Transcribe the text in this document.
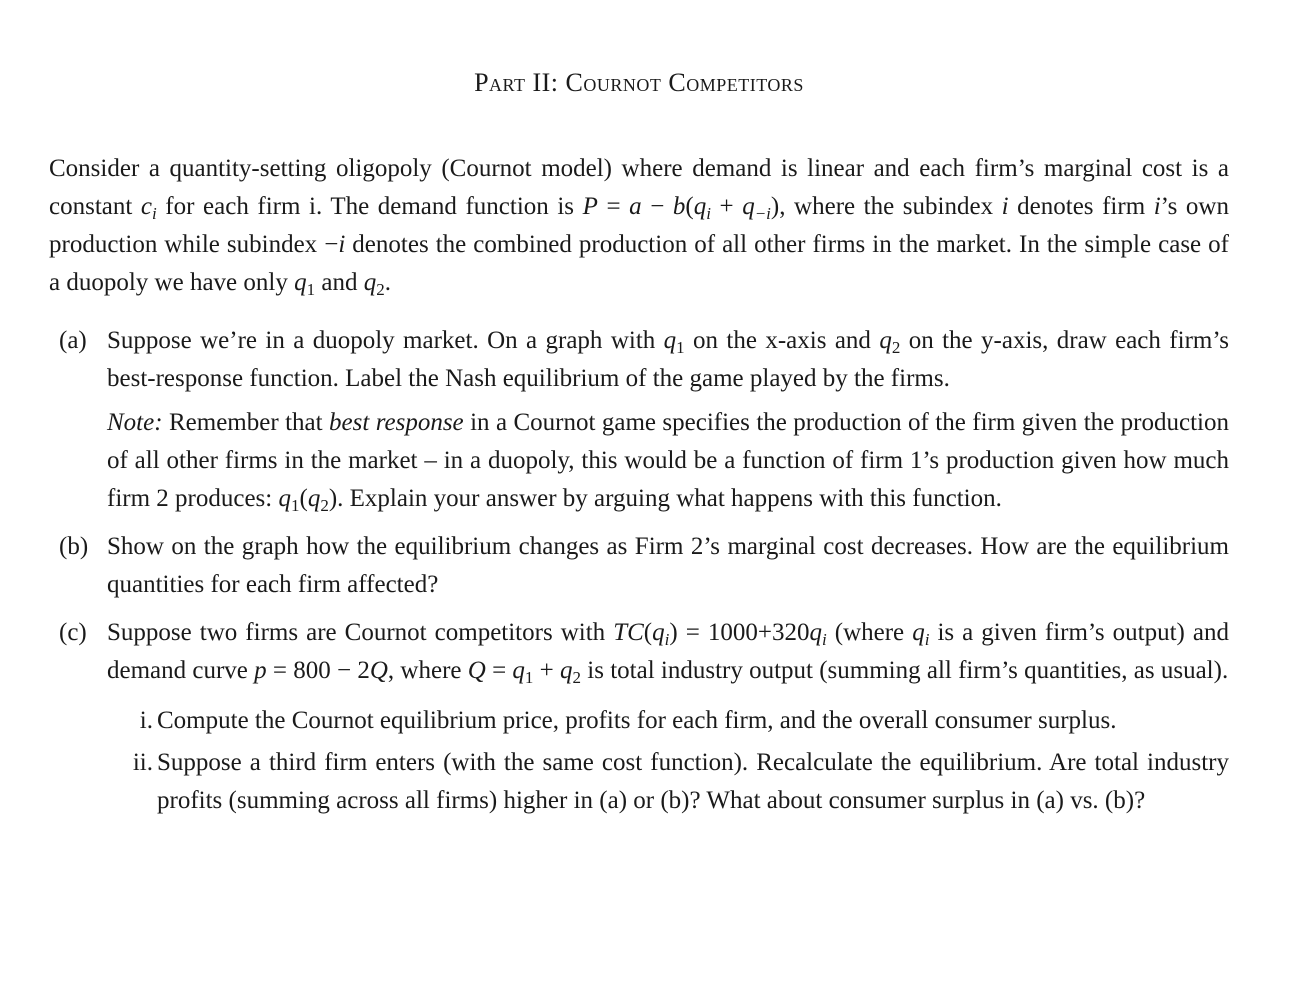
Part II: Cournot Competitors

Consider a quantity-setting oligopoly (Cournot model) where demand is linear and each firm’s marginal cost is a constant $c_i$ for each firm i. The demand function is $P = a - b(q_i + q_{-i})$, where the subindex i denotes firm i’s own production while subindex −i denotes the combined production of all other firms in the market. In the simple case of a duopoly we have only $q_1$ and $q_2$.

(a) Suppose we’re in a duopoly market. On a graph with $q_1$ on the x-axis and $q_2$ on the y-axis, draw each firm’s best-response function. Label the Nash equilibrium of the game played by the firms.

Note: Remember that best response in a Cournot game specifies the production of the firm given the production of all other firms in the market – in a duopoly, this would be a function of firm 1’s production given how much firm 2 produces: $q_1(q_2)$. Explain your answer by arguing what happens with this function.

(b) Show on the graph how the equilibrium changes as Firm 2’s marginal cost decreases. How are the equilibrium quantities for each firm affected?

(c) Suppose two firms are Cournot competitors with $TC(q_i) = 1000+320q_i$ (where $q_i$ is a given firm’s output) and demand curve p = 800 − 2Q, where $Q = q_1 + q_2$ is total industry output (summing all firm’s quantities, as usual).

i. Compute the Cournot equilibrium price, profits for each firm, and the overall consumer surplus.

ii. Suppose a third firm enters (with the same cost function). Recalculate the equilibrium. Are total industry profits (summing across all firms) higher in (a) or (b)? What about consumer surplus in (a) vs. (b)?
